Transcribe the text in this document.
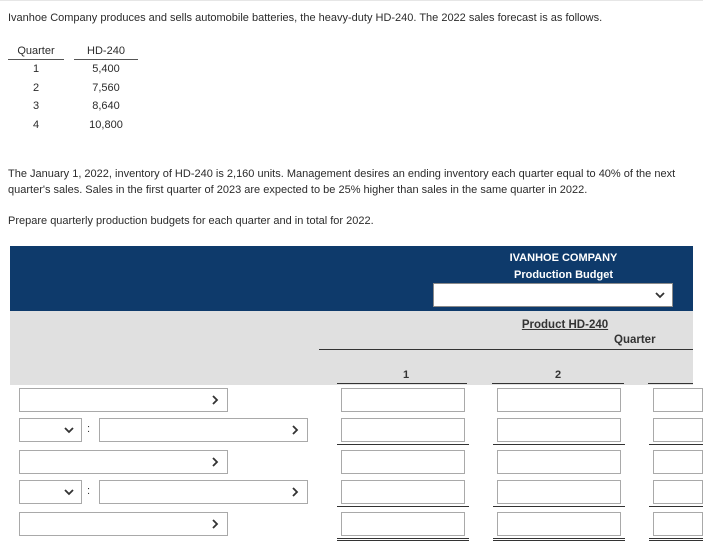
Ivanhoe Company produces and sells automobile batteries, the heavy-duty HD-240. The 2022 sales forecast is as follows.
Quarter		HD-240
1		5,400
2		7,560
3		8,640
4		10,800
The January 1, 2022, inventory of HD-240 is 2,160 units. Management desires an ending inventory each quarter equal to 40% of the next quarter's sales. Sales in the first quarter of 2023 are expected to be 25% higher than sales in the same quarter in 2022.
Prepare quarterly production budgets for each quarter and in total for 2022.
IVANHOE COMPANY
Production Budget
Product HD-240
Quarter
1	2
:
:
